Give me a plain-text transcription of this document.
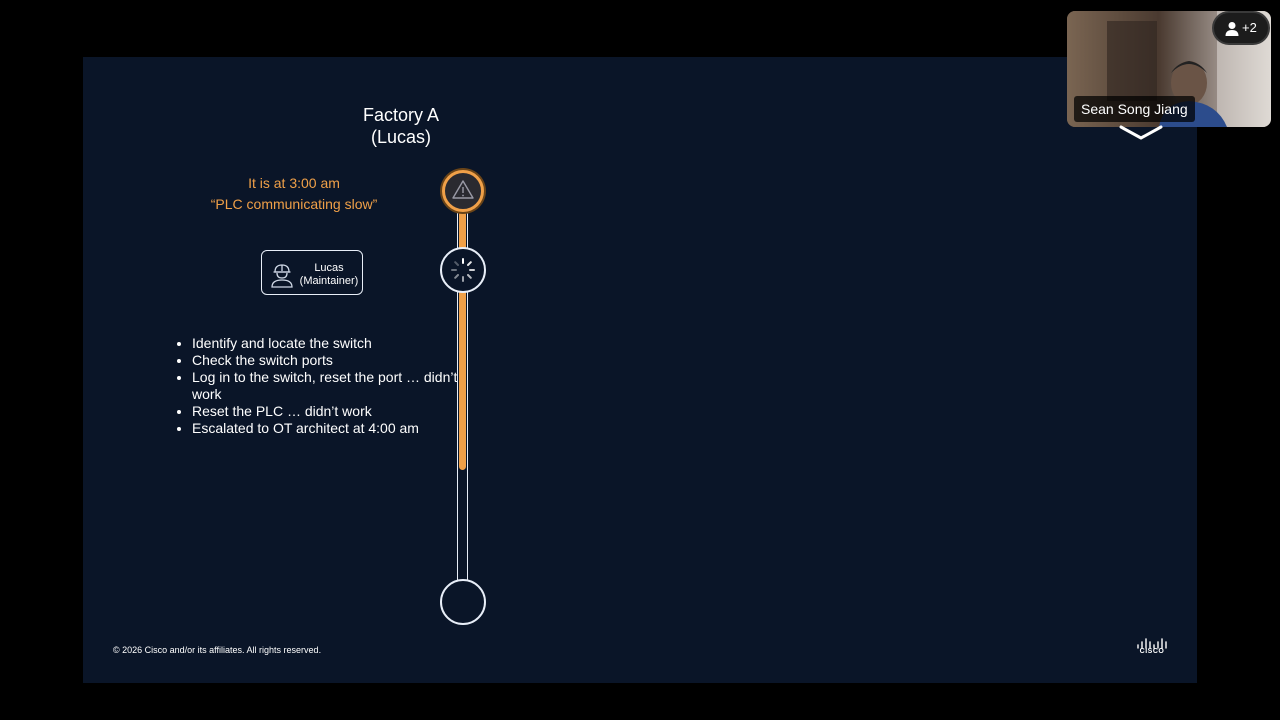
Factory A
(Lucas)
It is at 3:00 am
“PLC communicating slow”
Lucas
(Maintainer)
• Identify and locate the switch
• Check the switch ports
• Log in to the switch, reset the port … didn’t work
• Reset the PLC … didn’t work
• Escalated to OT architect at 4:00 am
© 2026 Cisco and/or its affiliates. All rights reserved.	CISCO
+2
Sean Song Jiang
